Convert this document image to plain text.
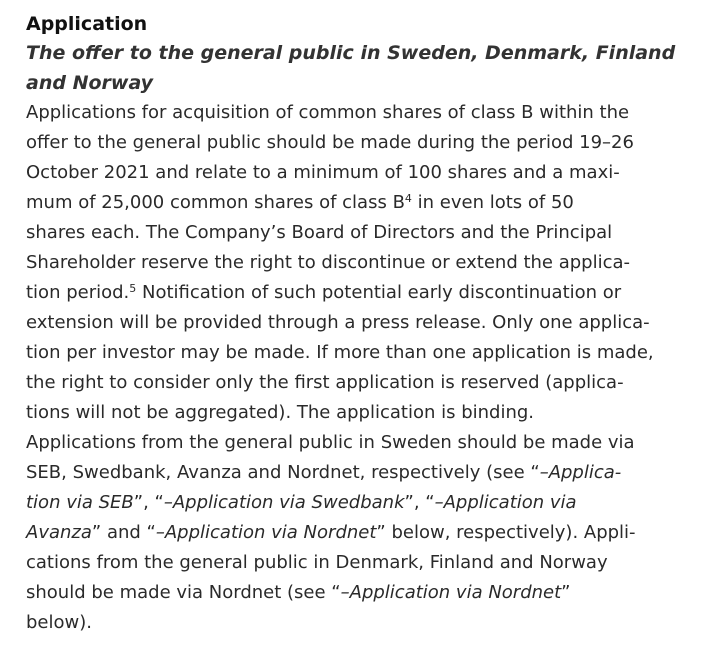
Application
The offer to the general public in Sweden, Denmark, Finland
and Norway
Applications for acquisition of common shares of class B within the
offer to the general public should be made during the period 19–26
October 2021 and relate to a minimum of 100 shares and a maxi-
mum of 25,000 common shares of class $B^4$ in even lots of 50
shares each. The Company’s Board of Directors and the Principal
Shareholder reserve the right to discontinue or extend the applica-
tion period.$^5$ Notification of such potential early discontinuation or
extension will be provided through a press release. Only one applica-
tion per investor may be made. If more than one application is made,
the right to consider only the first application is reserved (applica-
tions will not be aggregated). The application is binding.
Applications from the general public in Sweden should be made via
SEB, Swedbank, Avanza and Nordnet, respectively (see “–Applica-
tion via SEB”, “–Application via Swedbank”, “–Application via
Avanza” and “–Application via Nordnet” below, respectively). Appli-
cations from the general public in Denmark, Finland and Norway
should be made via Nordnet (see “–Application via Nordnet”
below).
